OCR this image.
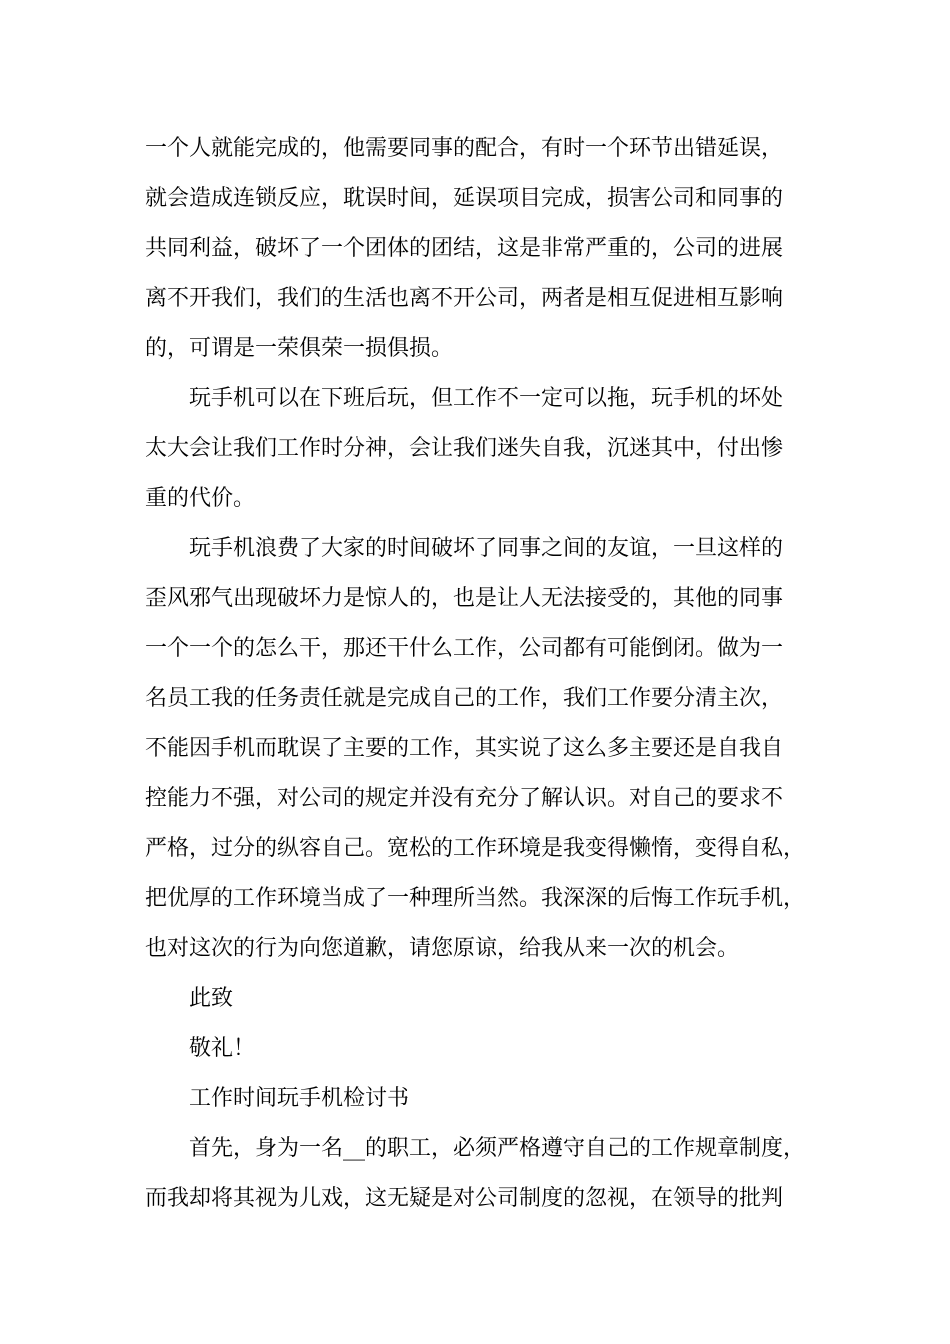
一个人就能完成的，他需要同事的配合，有时一个环节出错延误，
就会造成连锁反应，耽误时间，延误项目完成，损害公司和同事的
共同利益，破坏了一个团体的团结，这是非常严重的，公司的进展
离不开我们，我们的生活也离不开公司，两者是相互促进相互影响
的，可谓是一荣俱荣一损俱损。
玩手机可以在下班后玩，但工作不一定可以拖，玩手机的坏处
太大会让我们工作时分神，会让我们迷失自我，沉迷其中，付出惨
重的代价。
玩手机浪费了大家的时间破坏了同事之间的友谊，一旦这样的
歪风邪气出现破坏力是惊人的，也是让人无法接受的，其他的同事
一个一个的怎么干，那还干什么工作，公司都有可能倒闭。做为一
名员工我的任务责任就是完成自己的工作，我们工作要分清主次，
不能因手机而耽误了主要的工作，其实说了这么多主要还是自我自
控能力不强，对公司的规定并没有充分了解认识。对自己的要求不
严格，过分的纵容自己。宽松的工作环境是我变得懒惰，变得自私，
把优厚的工作环境当成了一种理所当然。我深深的后悔工作玩手机，
也对这次的行为向您道歉，请您原谅，给我从来一次的机会。
此致
敬礼！
工作时间玩手机检讨书
首先，身为一名__的职工，必须严格遵守自己的工作规章制度，
而我却将其视为儿戏，这无疑是对公司制度的忽视，在领导的批判
